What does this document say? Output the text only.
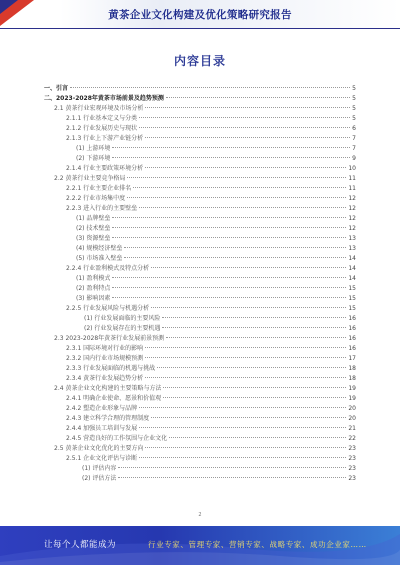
黄茶企业文化构建及优化策略研究报告
内容目录
一、引言	5
二、2023-2028年黄茶市场前景及趋势预测	5
2.1 黄茶行业宏观环境及市场分析	5
2.1.1 行业基本定义与分类	5
2.1.2 行业发展历史与现状	6
2.1.3 行业上下游产业链分析	7
(1) 上游环境	7
(2) 下游环境	9
2.1.4 行业主要政策环境分析	10
2.2 黄茶行业主要竞争格局	11
2.2.1 行业主要企业排名	11
2.2.2 行业市场集中度	12
2.2.3 进入行业的主要壁垒	12
(1) 品牌壁垒	12
(2) 技术壁垒	12
(3) 资源壁垒	13
(4) 规模经济壁垒	13
(5) 市场准入壁垒	14
2.2.4 行业盈利模式及特点分析	14
(1) 盈利模式	14
(2) 盈利特点	15
(3) 影响因素	15
2.2.5 行业发展风险与机遇分析	15
(1) 行业发展面临的主要风险	16
(2) 行业发展存在的主要机遇	16
2.3 2023-2028年黄茶行业发展前景预测	16
2.3.1 国际环境对行业的影响	16
2.3.2 国内行业市场规模预测	17
2.3.3 行业发展面临的机遇与挑战	18
2.3.4 黄茶行业发展趋势分析	18
2.4 黄茶企业文化构建的主要策略与方法	19
2.4.1 明确企业使命、愿景和价值观	19
2.4.2 塑造企业形象与品牌	20
2.4.3 建立科学合理的管理制度	20
2.4.4 加强员工培训与发展	21
2.4.5 营造良好的工作氛围与企业文化	22
2.5 黄茶企业文化优化的主要方向	23
2.5.1 企业文化评估与诊断	23
(1) 评估内容	23
(2) 评估方法	23
2
让每个人都能成为	行业专家、管理专家、营销专家、战略专家、成功企业家……
